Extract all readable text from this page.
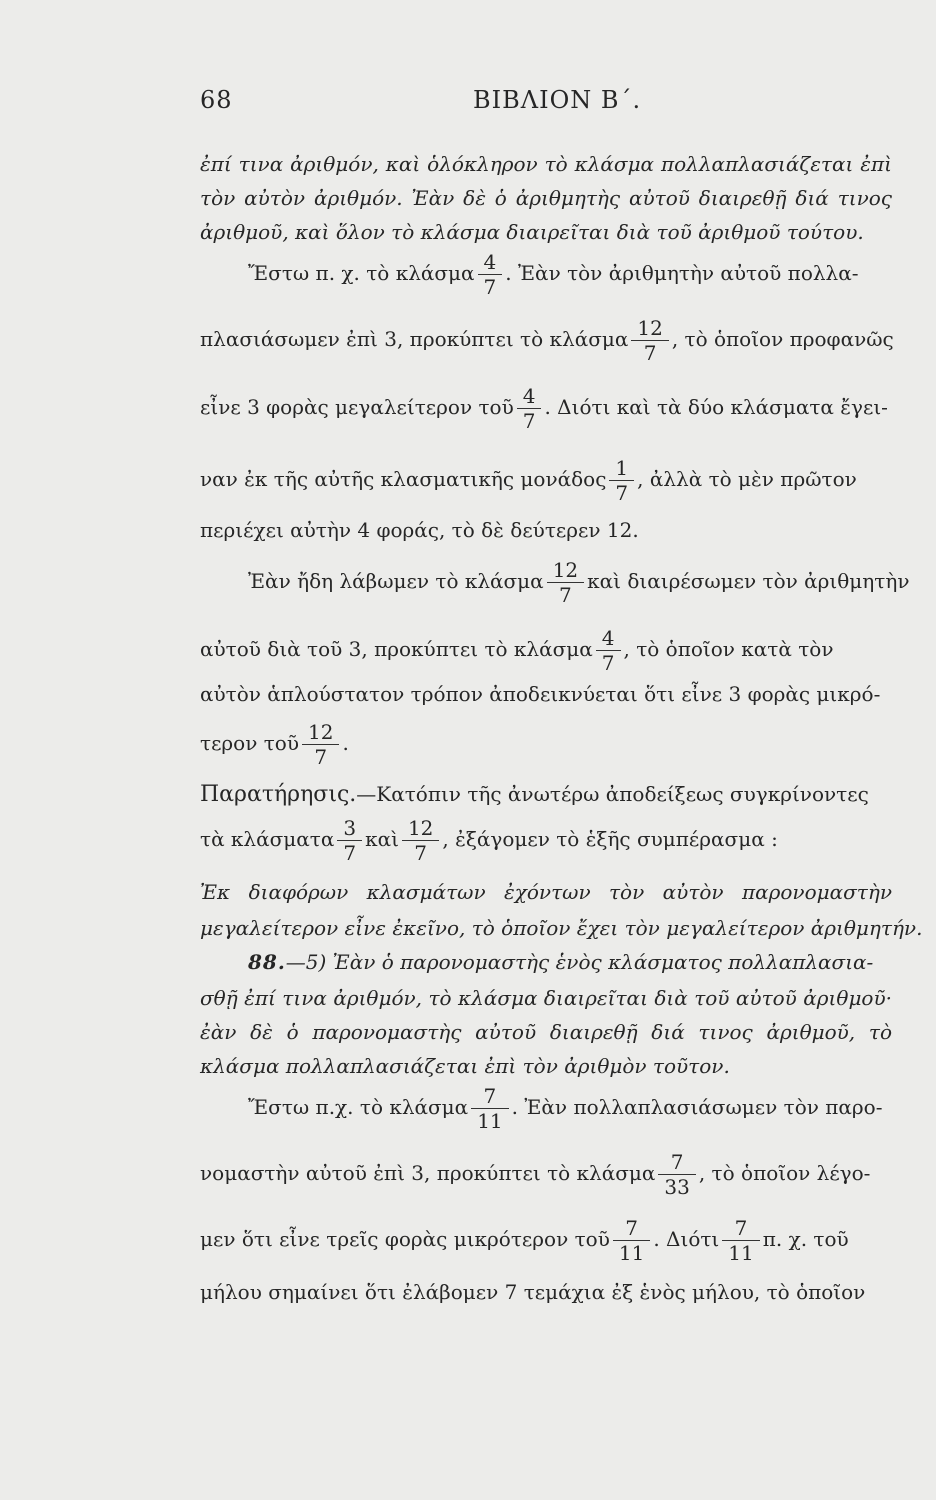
68	ΒΙΒΛΙΟΝ Β΄.
ἐπί τινα ἀριθμόν, καὶ ὁλόκληρον τὸ κλάσμα πολλαπλασιάζεται ἐπὶ
τὸν αὐτὸν ἀριθμόν. Ἐὰν δὲ ὁ ἀριθμητὴς αὐτοῦ διαιρεθῇ διά τινος
ἀριθμοῦ, καὶ ὅλον τὸ κλάσμα διαιρεῖται διὰ τοῦ ἀριθμοῦ τούτου.
Ἔστω π. χ. τὸ κλάσμα $\frac{4}{7}$ . Ἐὰν τὸν ἀριθμητὴν αὐτοῦ πολλα-
πλασιάσωμεν ἐπὶ 3, προκύπτει τὸ κλάσμα $\frac{12}{7}$ , τὸ ὁποῖον προφανῶς
εἶνε 3 φορὰς μεγαλείτερον τοῦ $\frac{4}{7}$ . Διότι καὶ τὰ δύο κλάσματα ἔγει-
ναν ἐκ τῆς αὐτῆς κλασματικῆς μονάδος $\frac{1}{7}$ , ἀλλὰ τὸ μὲν πρῶτον
περιέχει αὐτὴν 4 φοράς, τὸ δὲ δεύτερεν 12.
Ἐὰν ἤδη λάβωμεν τὸ κλάσμα $\frac{12}{7}$ καὶ διαιρέσωμεν τὸν ἀριθμητὴν
αὐτοῦ διὰ τοῦ 3, προκύπτει τὸ κλάσμα $\frac{4}{7}$ , τὸ ὁποῖον κατὰ τὸν
αὐτὸν ἁπλούστατον τρόπον ἀποδεικνύεται ὅτι εἶνε 3 φορὰς μικρό-
τερον τοῦ $\frac{12}{7}$ .
Παρατήρησις.—Κατόπιν τῆς ἀνωτέρω ἀποδείξεως συγκρίνοντες
τὰ κλάσματα $\frac{3}{7}$ καὶ $\frac{12}{7}$ , ἐξάγομεν τὸ ἑξῆς συμπέρασμα :
Ἐκ διαφόρων κλασμάτων ἐχόντων τὸν αὐτὸν παρονομαστὴν
μεγαλείτερον εἶνε ἐκεῖνο, τὸ ὁποῖον ἔχει τὸν μεγαλείτερον ἀριθμητήν.
88.—5) Ἐὰν ὁ παρονομαστὴς ἑνὸς κλάσματος πολλαπλασια-
σθῇ ἐπί τινα ἀριθμόν, τὸ κλάσμα διαιρεῖται διὰ τοῦ αὐτοῦ ἀριθμοῦ·
ἐὰν δὲ ὁ παρονομαστὴς αὐτοῦ διαιρεθῇ διά τινος ἀριθμοῦ, τὸ
κλάσμα πολλαπλασιάζεται ἐπὶ τὸν ἀριθμὸν τοῦτον.
Ἔστω π.χ. τὸ κλάσμα $\frac{7}{11}$ . Ἐὰν πολλαπλασιάσωμεν τὸν παρο-
νομαστὴν αὐτοῦ ἐπὶ 3, προκύπτει τὸ κλάσμα $\frac{7}{33}$ , τὸ ὁποῖον λέγο-
μεν ὅτι εἶνε τρεῖς φορὰς μικρότερον τοῦ $\frac{7}{11}$ . Διότι $\frac{7}{11} \pi$. χ. τοῦ
μήλου σημαίνει ὅτι ἐλάβομεν 7 τεμάχια ἐξ ἑνὸς μήλου, τὸ ὁποῖον
